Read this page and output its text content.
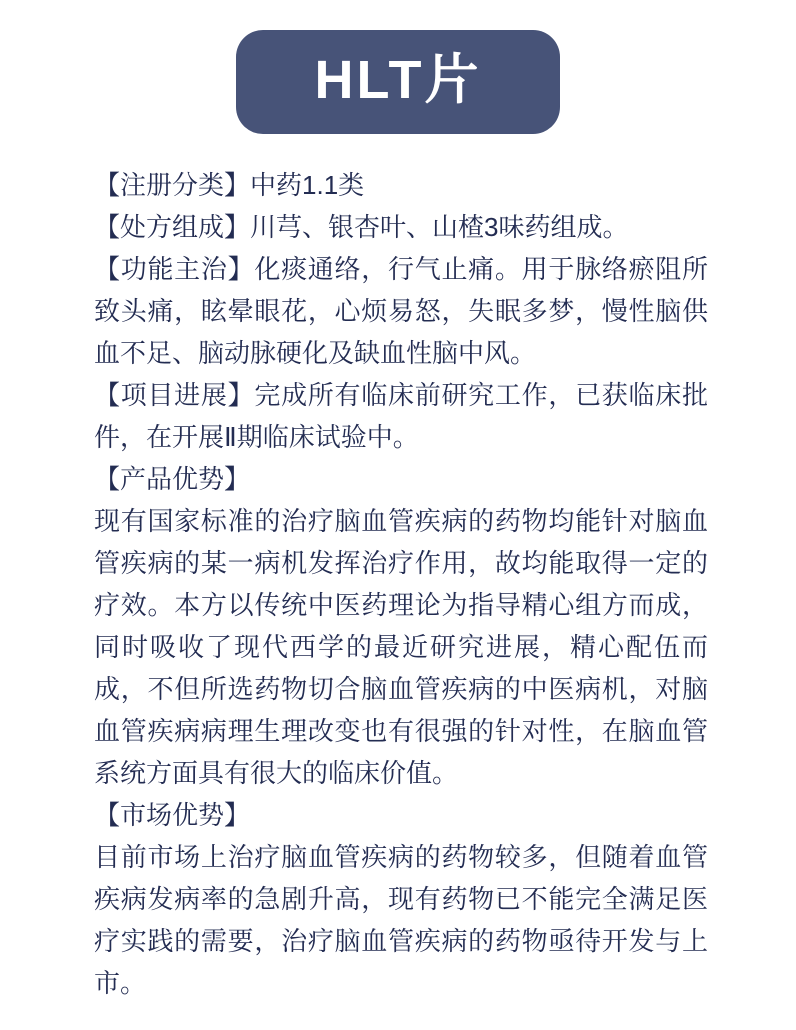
HLT片

【注册分类】中药1.1类

【处方组成】川芎、银杏叶、山楂3味药组成。

【功能主治】化痰通络，行气止痛。用于脉络瘀阻所致头痛，眩晕眼花，心烦易怒，失眠多梦，慢性脑供血不足、脑动脉硬化及缺血性脑中风。

【项目进展】完成所有临床前研究工作，已获临床批件，在开展Ⅱ期临床试验中。

【产品优势】

现有国家标准的治疗脑血管疾病的药物均能针对脑血管疾病的某一病机发挥治疗作用，故均能取得一定的疗效。本方以传统中医药理论为指导精心组方而成，同时吸收了现代西学的最近研究进展，精心配伍而成，不但所选药物切合脑血管疾病的中医病机，对脑血管疾病病理生理改变也有很强的针对性，在脑血管系统方面具有很大的临床价值。

【市场优势】

目前市场上治疗脑血管疾病的药物较多，但随着血管疾病发病率的急剧升高，现有药物已不能完全满足医疗实践的需要，治疗脑血管疾病的药物亟待开发与上市。
